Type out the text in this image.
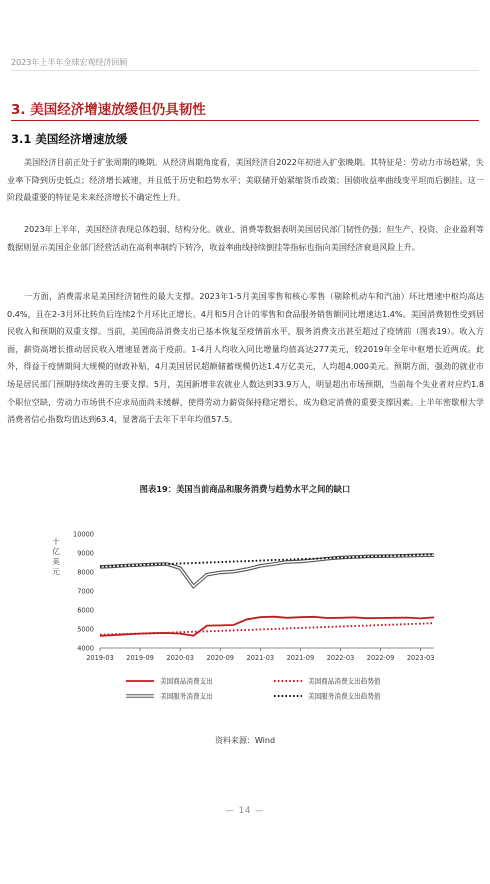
2023年上半年全球宏观经济回顾
3. 美国经济增速放缓但仍具韧性
3.1 美国经济增速放缓

美国经济目前正处于扩张周期的晚期。从经济周期角度看，美国经济自2022年初进入扩张晚期。其特征是：劳动力市场趋紧，失业率下降到历史低点；经济增长减速，并且低于历史和趋势水平；美联储开始紧缩货币政策；国债收益率曲线变平坦而后倒挂。这一阶段最重要的特征是未来经济增长不确定性上升。

2023年上半年，美国经济表现总体趋弱、结构分化。就业、消费等数据表明美国居民部门韧性仍强；但生产、投资、企业盈利等数据则显示美国企业部门经营活动在高利率制约下转冷，收益率曲线持续倒挂等指标也指向美国经济衰退风险上升。

一方面，消费需求是美国经济韧性的最大支撑。2023年1-5月美国零售和核心零售（剔除机动车和汽油）环比增速中枢均高达0.4%，且在2-3月环比转负后连续2个月环比正增长。4月和5月合计的零售和食品服务销售额同比增速达1.4%。美国消费韧性受到居民收入和预期的双重支撑。当前，美国商品消费支出已基本恢复至疫情前水平，服务消费支出甚至超过了疫情前（图表19）。收入方面，薪资高增长推动居民收入增速显著高于疫前。1-4月人均收入同比增量均值高达277美元，较2019年全年中枢增长近两成。此外，得益于疫情期间大规模的财政补贴，4月美国居民超额储蓄规模仍达1.4万亿美元，人均超4,000美元。预期方面，强劲的就业市场是居民部门预期持续改善的主要支撑。5月，美国新增非农就业人数达到33.9万人，明显超出市场预期，当前每个失业者对应约1.8个职位空缺，劳动力市场供不应求局面尚未缓解，使得劳动力薪资保持稳定增长，成为稳定消费的重要支撑因素。上半年密歇根大学消费者信心指数均值达到63.4，显著高于去年下半年均值57.5。

图表19：美国当前商品和服务消费与趋势水平之间的缺口
十
亿
美
元
4000
5000
6000
7000
8000
9000
10000
2019-03 2019-09 2020-03 2020-09 2021-03 2021-09 2022-03 2022-09 2023-03
美国商品消费支出	美国商品消费支出趋势值
美国服务消费支出	美国服务消费支出趋势值
资料来源：Wind
— 14 —
